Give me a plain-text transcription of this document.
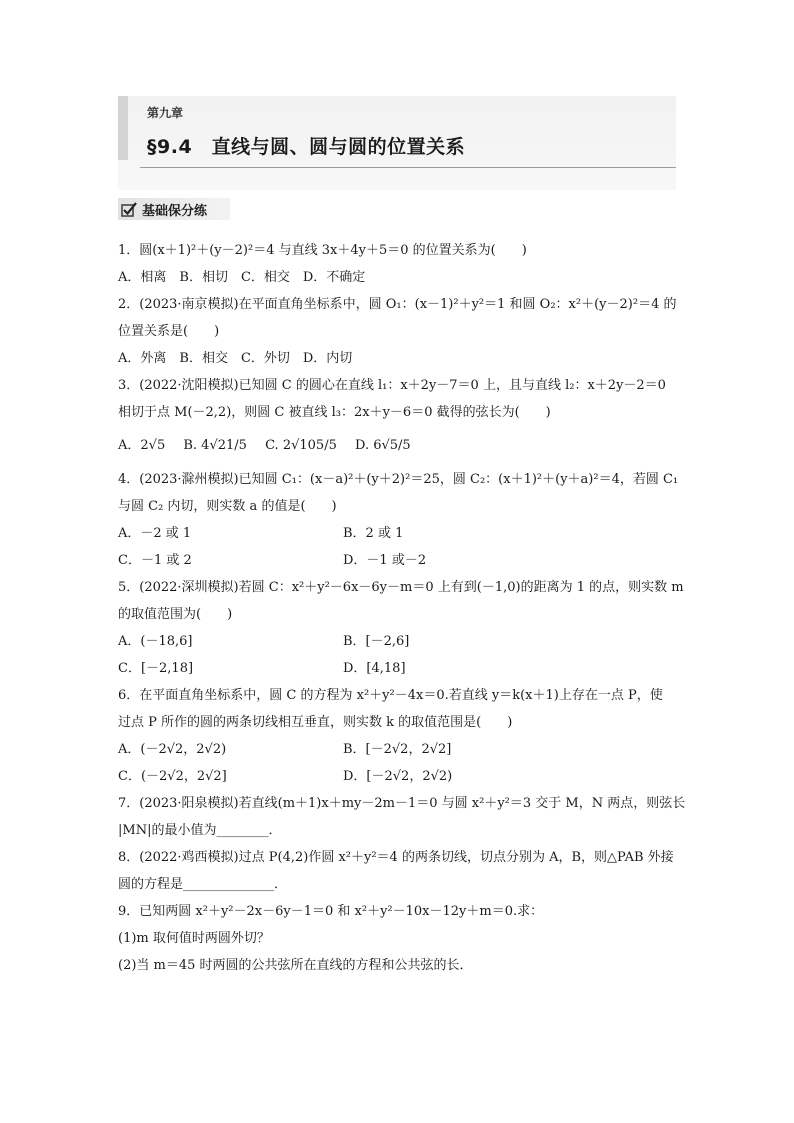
第九章
§9.4　直线与圆、圆与圆的位置关系
基础保分练
1．圆(x＋1)²＋(y－2)²＝4 与直线 3x＋4y＋5＝0 的位置关系为(　　)
A．相离　B．相切　C．相交　D．不确定
2．(2023·南京模拟)在平面直角坐标系中，圆 O₁：(x－1)²＋y²＝1 和圆 O₂：x²＋(y－2)²＝4 的
位置关系是(　　)
A．外离　B．相交　C．外切　D．内切
3．(2022·沈阳模拟)已知圆 C 的圆心在直线 l₁：x＋2y－7＝0 上，且与直线 l₂：x＋2y－2＝0
相切于点 M(－2,2)，则圆 C 被直线 l₃：2x＋y－6＝0 截得的弦长为(　　)
A．2√5 B. 4√21/5 C. 2√105/5 D. 6√5/5
4．(2023·滁州模拟)已知圆 C₁：(x－a)²＋(y＋2)²＝25，圆 C₂：(x＋1)²＋(y＋a)²＝4，若圆 C₁
与圆 C₂ 内切，则实数 a 的值是(　　)
A．－2 或 1	B．2 或 1
C．－1 或 2	D．－1 或－2
5．(2022·深圳模拟)若圆 C：x²＋y²－6x－6y－m＝0 上有到(－1,0)的距离为 1 的点，则实数 m
的取值范围为(　　)
A．(－18,6]	B．[－2,6]
C．[－2,18]	D．[4,18]
6．在平面直角坐标系中，圆 C 的方程为 x²＋y²－4x＝0.若直线 y＝k(x＋1)上存在一点 P，使
过点 P 所作的圆的两条切线相互垂直，则实数 k 的取值范围是(　　)
A．(－2√2，2√2)	B．[－2√2，2√2]
C．(－2√2，2√2]	D．[－2√2，2√2)
7．(2023·阳泉模拟)若直线(m＋1)x＋my－2m－1＝0 与圆 x²＋y²＝3 交于 M，N 两点，则弦长
|MN|的最小值为________．
8．(2022·鸡西模拟)过点 P(4,2)作圆 x²＋y²＝4 的两条切线，切点分别为 A，B，则△PAB 外接
圆的方程是______________．
9．已知两圆 x²＋y²－2x－6y－1＝0 和 x²＋y²－10x－12y＋m＝0.求：
(1)m 取何值时两圆外切？
(2)当 m＝45 时两圆的公共弦所在直线的方程和公共弦的长．
